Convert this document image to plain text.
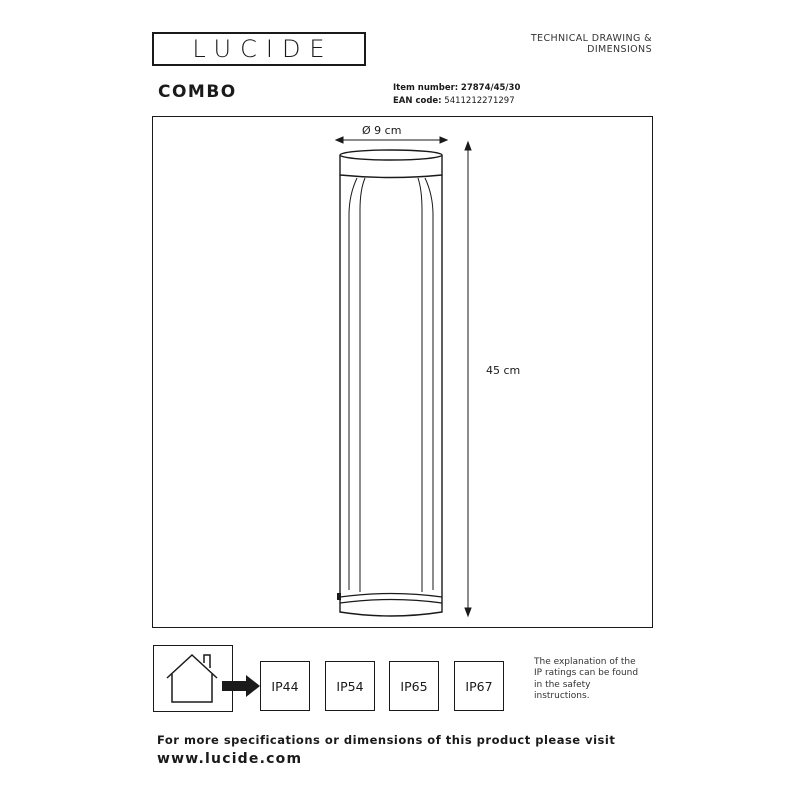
LUCIDE	TECHNICAL DRAWING & DIMENSIONS
COMBO	Item number: 27874/45/30
EAN code: 5411212271297
Ø 9 cm
45 cm
IP44	IP54	IP65	IP67
The explanation of the
IP ratings can be found
in the safety
instructions.
For more specifications or dimensions of this product please visit
www.lucide.com
